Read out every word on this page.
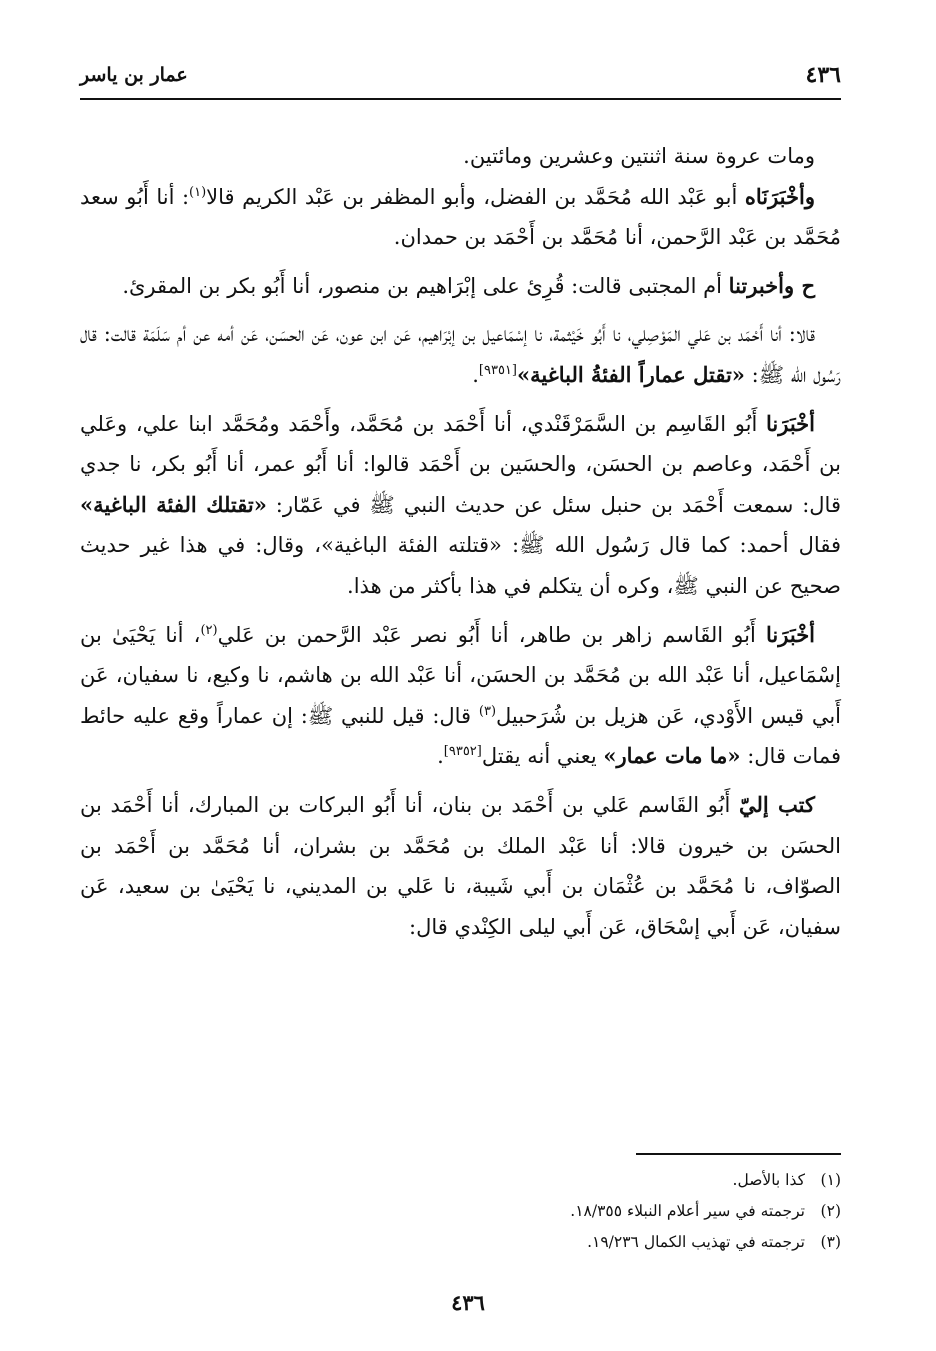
٤٣٦
عمار بن ياسر

ومات عروة سنة اثنتين وعشرين ومائتين.

وأخْبَرَنَاه أبو عَبْد الله مُحَمَّد بن الفضل، وأبو المظفر بن عَبْد الكريم قالا$^{(١)}$: أنا أَبُو سعد مُحَمَّد بن عَبْد الرَّحمن، أنا مُحَمَّد بن أَحْمَد بن حمدان.

ح وأخبرتنا أم المجتبى قالت: قُرِئ على إبْرَاهيم بن منصور، أنا أَبُو بكر بن المقرئ.

قالا: أنا أَحْمَد بن عَلي المَوْصِلي، نا أَبُو خَيْثمة، نا إسْمَاعيل بن إبْرَاهيم، عَن ابن عون، عَن الحسَن، عَن أمه عن أم سَلَمَة قالت: قال رَسُول الله ﷺ: «تقتل عماراً الفئةُ الباغية»[٩٣٥١].

أخْبَرَنا أَبُو القَاسِم بن السَّمَرْقَنْدي، أنا أَحْمَد بن مُحَمَّد، وأَحْمَد ومُحَمَّد ابنا علي، وعَلي بن أَحْمَد، وعاصم بن الحسَن، والحسَين بن أَحْمَد قالوا: أنا أَبُو عمر، أنا أَبُو بكر، نا جدي قال: سمعت أَحْمَد بن حنبل سئل عن حديث النبي ﷺ في عَمّار: «تقتلك الفئة الباغية» فقال أحمد: كما قال رَسُول الله ﷺ: «قتلته الفئة الباغية»، وقال: في هذا غير حديث صحيح عن النبي ﷺ، وكره أن يتكلم في هذا بأكثر من هذا.

أخْبَرَنا أَبُو القَاسم زاهر بن طاهر، أنا أَبُو نصر عَبْد الرَّحمن بن عَلي$^{(٢)}$، أنا يَحْيَىٰ بن إسْمَاعيل، أنا عَبْد الله بن مُحَمَّد بن الحسَن، أنا عَبْد الله بن هاشم، نا وكيع، نا سفيان، عَن أَبي قيس الأَوْدي، عَن هزيل بن شُرَحبيل$^{(٣)}$ قال: قيل للنبي ﷺ: إن عماراً وقع عليه حائط فمات قال: «ما مات عمار» يعني أنه يقتل[٩٣٥٢].

كتب إليّ أَبُو القَاسم عَلي بن أَحْمَد بن بنان، أنا أَبُو البركات بن المبارك، أنا أَحْمَد بن الحسَن بن خيرون قالا: أنا عَبْد الملك بن مُحَمَّد بن بشران، أنا مُحَمَّد بن أَحْمَد بن الصوّاف، نا مُحَمَّد بن عُثْمَان بن أَبي شَيبة، نا عَلي بن المديني، نا يَحْيَىٰ بن سعيد، عَن سفيان، عَن أَبي إسْحَاق، عَن أَبي ليلى الكِنْدي قال:

(١)كذا بالأصل.
(٢)ترجمته في سير أعلام النبلاء ١٨/٣٥٥.
(٣)ترجمته في تهذيب الكمال ١٩/٢٣٦.
٤٣٦
